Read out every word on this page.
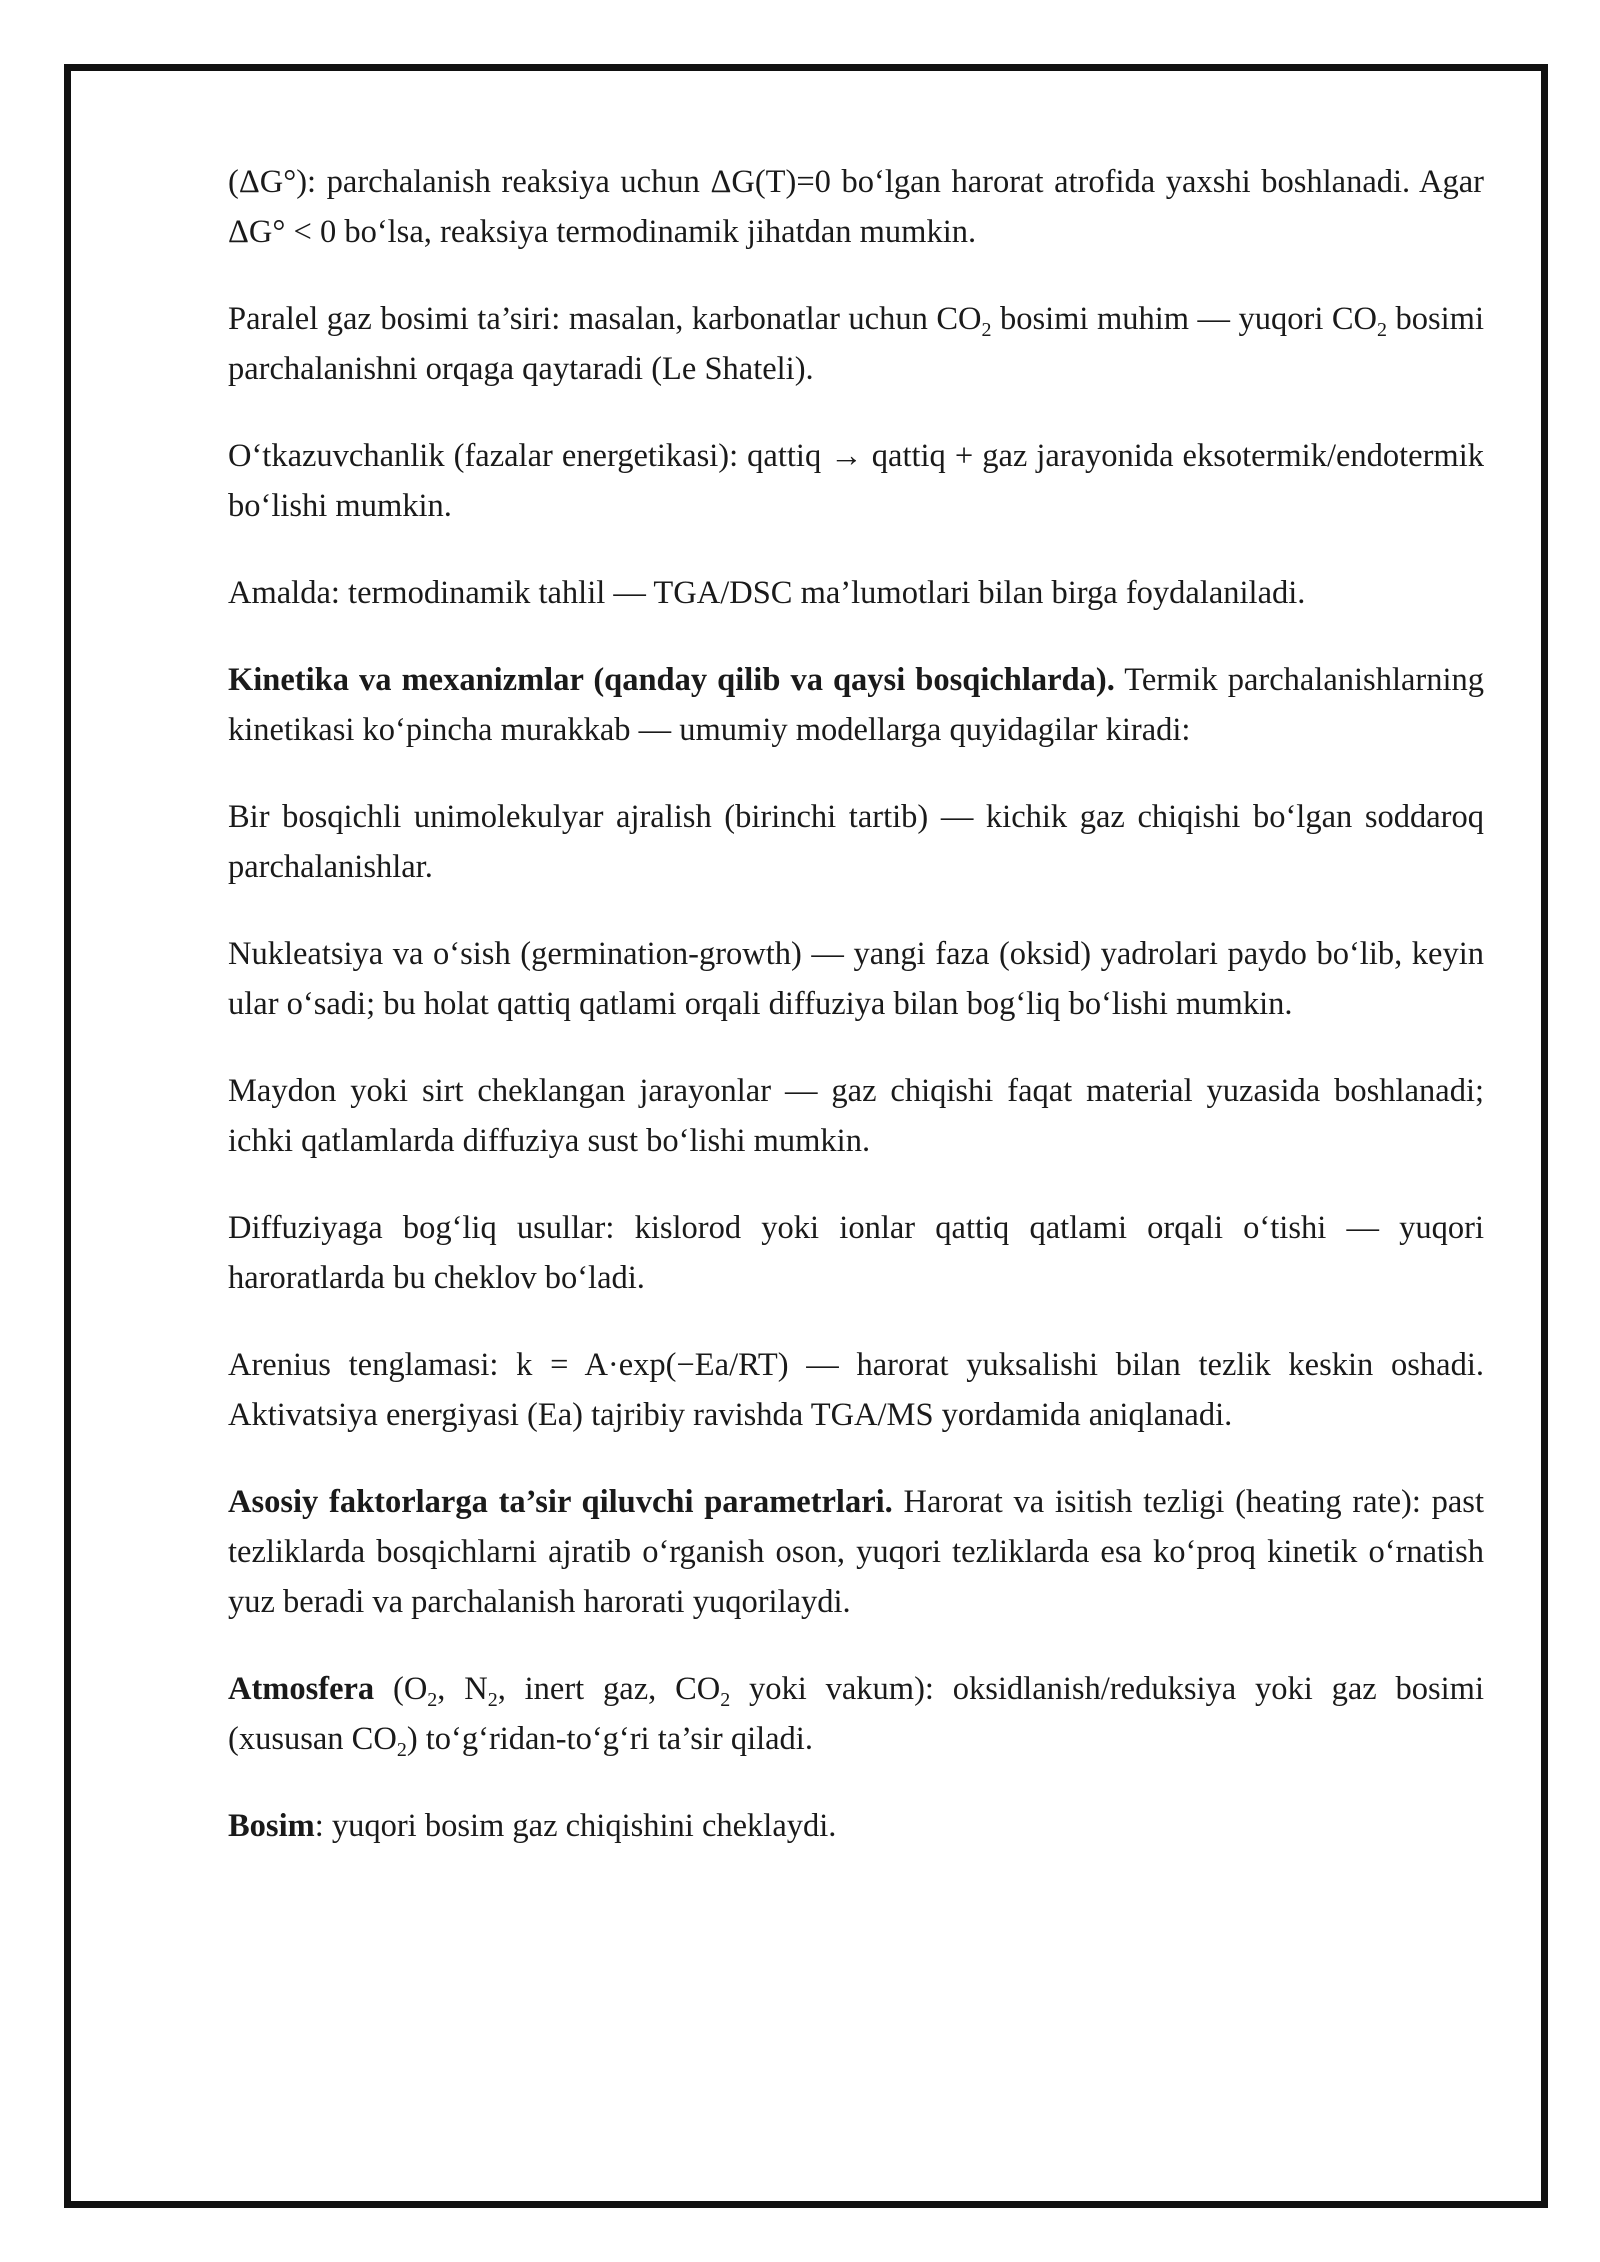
(ΔG°): parchalanish reaksiya uchun ΔG(T)=0 bo‘lgan harorat atrofida yaxshi boshlanadi. Agar ΔG° < 0 bo‘lsa, reaksiya termodinamik jihatdan mumkin.

Paralel gaz bosimi ta’siri: masalan, karbonatlar uchun $CO_2$ bosimi muhim — yuqori $CO_2$ bosimi parchalanishni orqaga qaytaradi (Le Shateli).

O‘tkazuvchanlik (fazalar energetikasi): qattiq → qattiq + gaz jarayonida eksotermik/endotermik bo‘lishi mumkin.

Amalda: termodinamik tahlil — TGA/DSC ma’lumotlari bilan birga foydalaniladi.

Kinetika va mexanizmlar (qanday qilib va qaysi bosqichlarda). Termik parchalanishlarning kinetikasi ko‘pincha murakkab — umumiy modellarga quyidagilar kiradi:

Bir bosqichli unimolekulyar ajralish (birinchi tartib) — kichik gaz chiqishi bo‘lgan soddaroq parchalanishlar.

Nukleatsiya va o‘sish (germination-growth) — yangi faza (oksid) yadrolari paydo bo‘lib, keyin ular o‘sadi; bu holat qattiq qatlami orqali diffuziya bilan bog‘liq bo‘lishi mumkin.

Maydon yoki sirt cheklangan jarayonlar — gaz chiqishi faqat material yuzasida boshlanadi; ichki qatlamlarda diffuziya sust bo‘lishi mumkin.

Diffuziyaga bog‘liq usullar: kislorod yoki ionlar qattiq qatlami orqali o‘tishi — yuqori haroratlarda bu cheklov bo‘ladi.

Arenius tenglamasi: k = A·exp(−Ea/RT) — harorat yuksalishi bilan tezlik keskin oshadi. Aktivatsiya energiyasi (Ea) tajribiy ravishda TGA/MS yordamida aniqlanadi.

Asosiy faktorlarga ta’sir qiluvchi parametrlari. Harorat va isitish tezligi (heating rate): past tezliklarda bosqichlarni ajratib o‘rganish oson, yuqori tezliklarda esa ko‘proq kinetik o‘rnatish yuz beradi va parchalanish harorati yuqorilaydi.

Atmosfera ($O_2$, $N_2$, inert gaz, $CO_2$ yoki vakum): oksidlanish/reduksiya yoki gaz bosimi (xususan $CO_2$) to‘g‘ridan-to‘g‘ri ta’sir qiladi.

Bosim: yuqori bosim gaz chiqishini cheklaydi.
